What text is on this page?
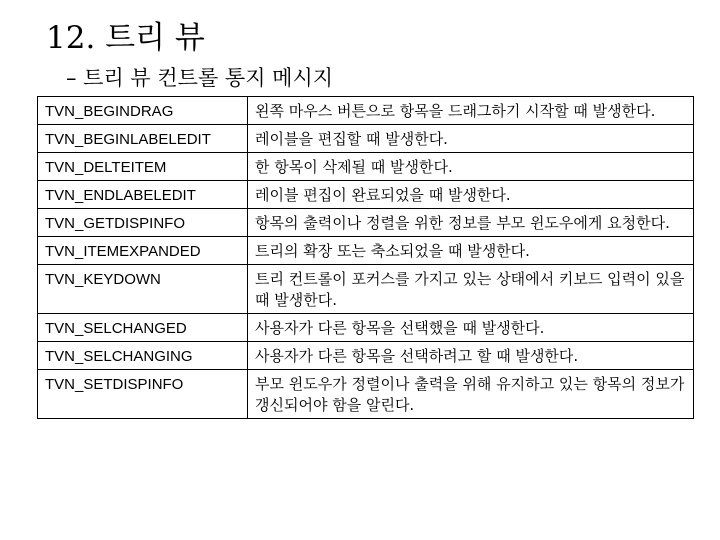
12. 트리 뷰
– 트리 뷰 컨트롤 통지 메시지
TVN_BEGINDRAG	왼쪽 마우스 버튼으로 항목을 드래그하기 시작할 때 발생한다.
TVN_BEGINLABELEDIT	레이블을 편집할 때 발생한다.
TVN_DELTEITEM	한 항목이 삭제될 때 발생한다.
TVN_ENDLABELEDIT	레이블 편집이 완료되었을 때 발생한다.
TVN_GETDISPINFO	항목의 출력이나 정렬을 위한 정보를 부모 윈도우에게 요청한다.
TVN_ITEMEXPANDED	트리의 확장 또는 축소되었을 때 발생한다.
TVN_KEYDOWN	트리 컨트롤이 포커스를 가지고 있는 상태에서 키보드 입력이 있을 때 발생한다.
TVN_SELCHANGED	사용자가 다른 항목을 선택했을 때 발생한다.
TVN_SELCHANGING	사용자가 다른 항목을 선택하려고 할 때 발생한다.
TVN_SETDISPINFO	부모 윈도우가 정렬이나 출력을 위해 유지하고 있는 항목의 정보가 갱신되어야 함을 알린다.
